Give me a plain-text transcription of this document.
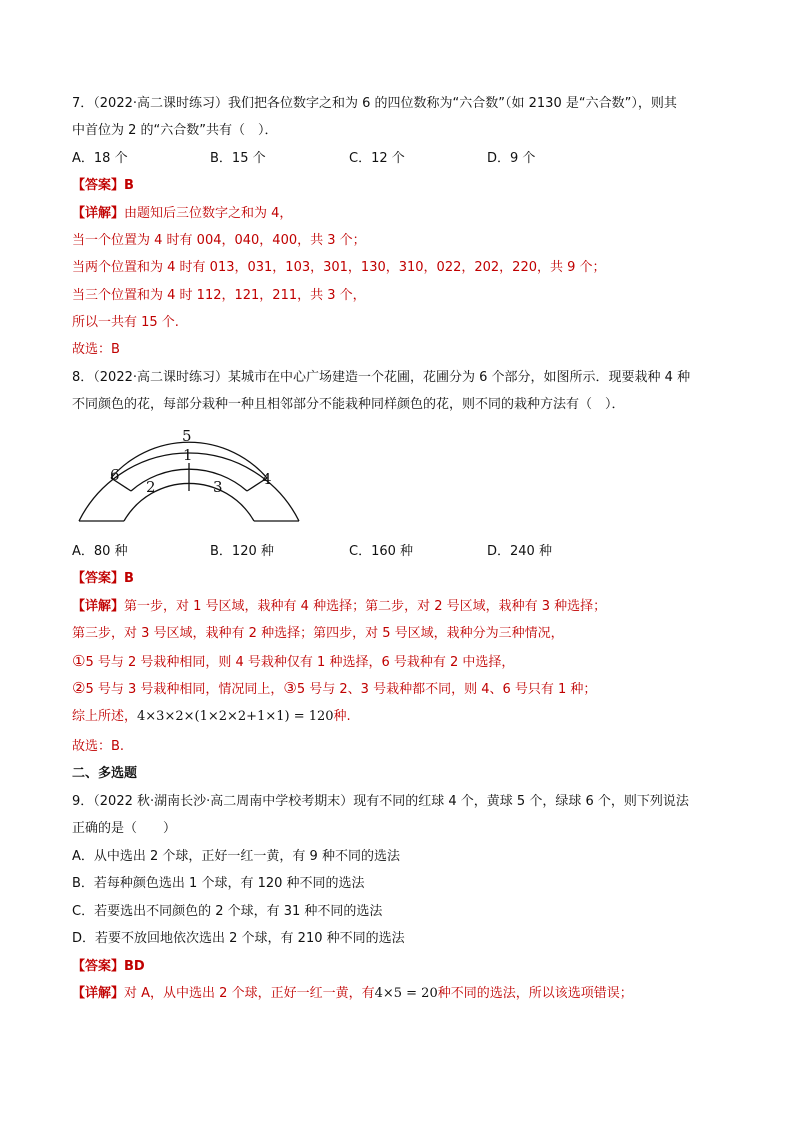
7．（2022·高二课时练习）我们把各位数字之和为 6 的四位数称为“六合数”（如 2130 是“六合数”），则其
中首位为 2 的“六合数”共有（　）．
A．18 个	B．15 个	C．12 个	D．9 个
【答案】B
【详解】由题知后三位数字之和为 4，
当一个位置为 4 时有 004，040，400，共 3 个；
当两个位置和为 4 时有 013，031，103，301，130，310，022，202，220，共 9 个；
当三个位置和为 4 时 112，121，211，共 3 个，
所以一共有 15 个.
故选：B
8．（2022·高二课时练习）某城市在中心广场建造一个花圃，花圃分为 6 个部分，如图所示．现要栽种 4 种
不同颜色的花，每部分栽种一种且相邻部分不能栽种同样颜色的花，则不同的栽种方法有（　）．
5
1
6
2	3	4
A．80 种	B．120 种	C．160 种	D．240 种
【答案】B
【详解】第一步，对 1 号区域，栽种有 4 种选择；第二步，对 2 号区域，栽种有 3 种选择；
第三步，对 3 号区域，栽种有 2 种选择；第四步，对 5 号区域，栽种分为三种情况，
①5 号与 2 号栽种相同，则 4 号栽种仅有 1 种选择，6 号栽种有 2 中选择，
②5 号与 3 号栽种相同，情况同上，③5 号与 2、3 号栽种都不同，则 4、6 号只有 1 种；
综上所述，4×3×2×(1×2×2+1×1) = 120种.
故选：B.
二、多选题
9．（2022 秋·湖南长沙·高二周南中学校考期末）现有不同的红球 4 个，黄球 5 个，绿球 6 个，则下列说法
正确的是（　　）
A．从中选出 2 个球，正好一红一黄，有 9 种不同的选法
B．若每种颜色选出 1 个球，有 120 种不同的选法
C．若要选出不同颜色的 2 个球，有 31 种不同的选法
D．若要不放回地依次选出 2 个球，有 210 种不同的选法
【答案】BD
【详解】对 A，从中选出 2 个球，正好一红一黄，有4×5 = 20种不同的选法，所以该选项错误；
